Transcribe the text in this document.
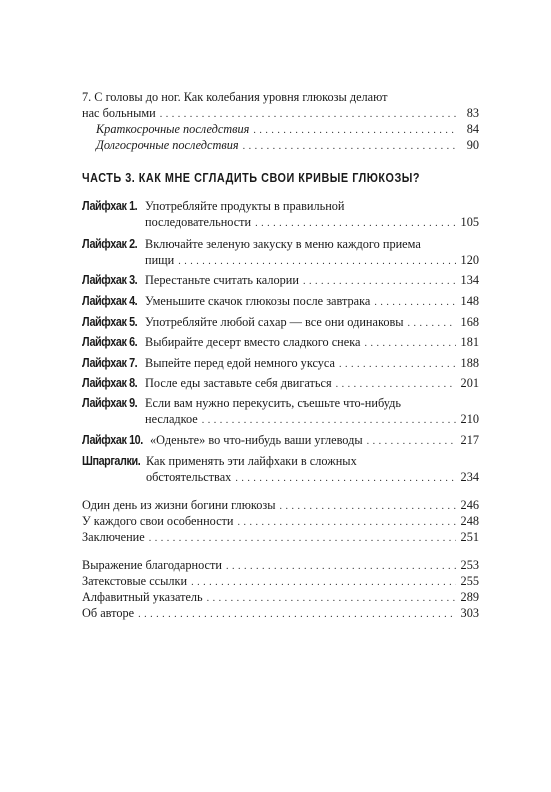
7. С головы до ног. Как колебания уровня глюкозы делают
нас больными . . .	83
Краткосрочные последствия . . .	84
Долгосрочные последствия . . .	90
ЧАСТЬ 3. КАК МНЕ СГЛАДИТЬ СВОИ КРИВЫЕ ГЛЮКОЗЫ?
Лайфхак 1. Употребляйте продукты в правильной
последовательности . . .	105
Лайфхак 2. Включайте зеленую закуску в меню каждого приема
пищи . . .	120
Лайфхак 3. Перестаньте считать калории . . .	134
Лайфхак 4. Уменьшите скачок глюкозы после завтрака . . .	148
Лайфхак 5. Употребляйте любой сахар — все они одинаковы . . .	168
Лайфхак 6. Выбирайте десерт вместо сладкого снека . . .	181
Лайфхак 7. Выпейте перед едой немного уксуса . . .	188
Лайфхак 8. После еды заставьте себя двигаться . . .	201
Лайфхак 9. Если вам нужно перекусить, съешьте что-нибудь
несладкое . . .	210
Лайфхак 10. «Оденьте» во что-нибудь ваши углеводы . . .	217
Шпаргалки. Как применять эти лайфхаки в сложных
обстоятельствах . . .	234
Один день из жизни богини глюкозы . . .	246
У каждого свои особенности . . .	248
Заключение . . .	251
Выражение благодарности . . .	253
Затекстовые ссылки . . .	255
Алфавитный указатель . . .	289
Об авторе . . .	303
